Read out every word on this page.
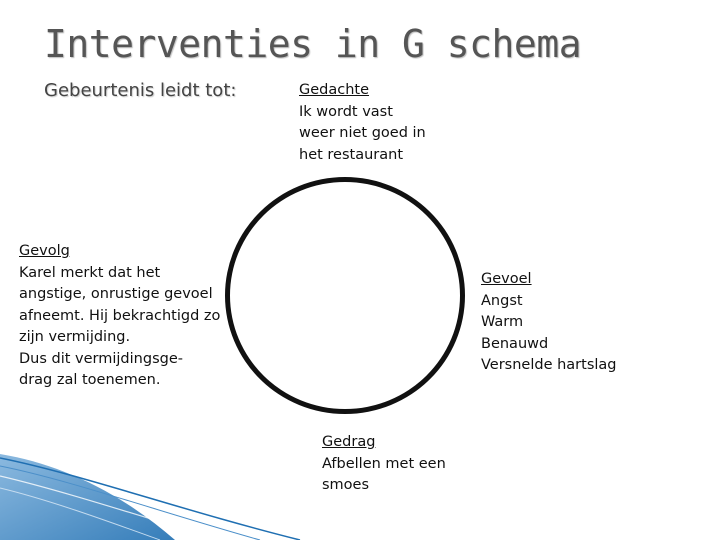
Interventies in G schema
Gebeurtenis leidt tot:	Gedachte
Ik wordt vast
weer niet goed in
het restaurant
Gevolg
Karel merkt dat het
angstige, onrustige gevoel
afneemt. Hij bekrachtigd zo
zijn vermijding.
Dus dit vermijdingsge-
drag zal toenemen.
Gevoel
Angst
Warm
Benauwd
Versnelde hartslag
Gedrag
Afbellen met een
smoes
